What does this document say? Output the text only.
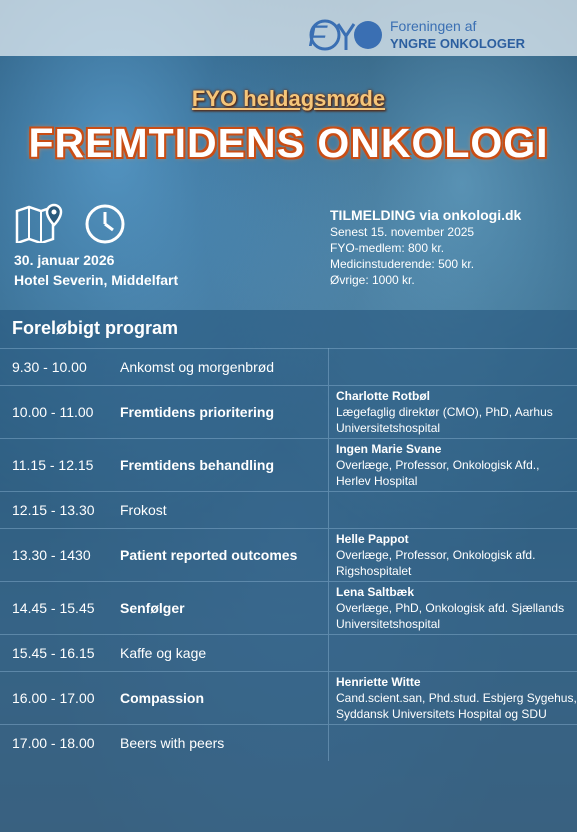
F	Foreningen af
YNGRE ONKOLOGER
FYO heldagsmøde
FREMTIDENS ONKOLOGI
30. januar 2026
Hotel Severin, Middelfart
TILMELDING via onkologi.dk
Senest 15. november 2025
FYO-medlem: 800 kr.
Medicinstuderende: 500 kr.
Øvrige: 1000 kr.
Foreløbigt program
9.30 - 10.00	Ankomst og morgenbrød	
10.00 - 11.00	Fremtidens prioritering	Charlotte Rotbøl
Lægefaglig direktør (CMO), PhD, Aarhus Universitetshospital

11.15 - 12.15	Fremtidens behandling	Ingen Marie Svane
Overlæge, Professor, Onkologisk Afd., Herlev Hospital

12.15 - 13.30	Frokost	
13.30 - 1430	Patient reported outcomes	Helle Pappot
Overlæge, Professor, Onkologisk afd. Rigshospitalet

14.45 - 15.45	Senfølger	Lena Saltbæk
Overlæge, PhD, Onkologisk afd. Sjællands Universitetshospital

15.45 - 16.15	Kaffe og kage	
16.00 - 17.00	Compassion	Henriette Witte
Cand.scient.san, Phd.stud. Esbjerg Sygehus, Syddansk Universitets Hospital og SDU

17.00 - 18.00	Beers with peers	
